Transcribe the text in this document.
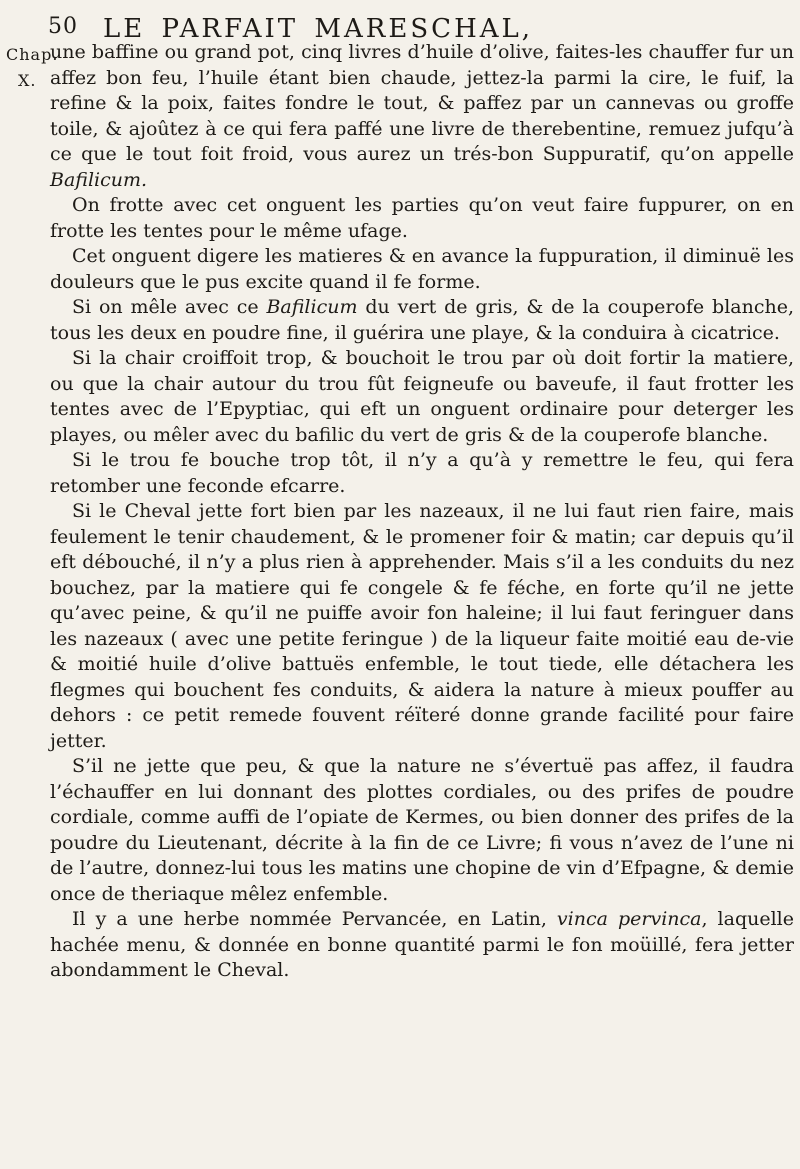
50 LE PARFAIT MARESCHAL,
Chap.
X.

une baffine ou grand pot, cinq livres d’huile d’olive, faites-les chauffer fur un affez bon feu, l’huile étant bien chaude, jettez-la parmi la cire, le fuif, la refine & la poix, faites fondre le tout, & paffez par un cannevas ou groffe toile, & ajoûtez à ce qui fera paffé une livre de therebentine, remuez jufqu’à ce que le tout foit froid, vous aurez un trés-bon Suppuratif, qu’on appelle Bafilicum.

On frotte avec cet onguent les parties qu’on veut faire fuppurer, on en frotte les tentes pour le même ufage.

Cet onguent digere les matieres & en avance la fuppuration, il diminuë les douleurs que le pus excite quand il fe forme.

Si on mêle avec ce Bafilicum du vert de gris, & de la couperofe blanche, tous les deux en poudre fine, il guérira une playe, & la conduira à cicatrice.

Si la chair croiffoit trop, & bouchoit le trou par où doit fortir la matiere, ou que la chair autour du trou fût feigneufe ou baveufe, il faut frotter les tentes avec de l’Epyptiac, qui eft un onguent ordinaire pour deterger les playes, ou mêler avec du bafilic du vert de gris & de la couperofe blanche.

Si le trou fe bouche trop tôt, il n’y a qu’à y remettre le feu, qui fera retomber une feconde efcarre.

Si le Cheval jette fort bien par les nazeaux, il ne lui faut rien faire, mais feulement le tenir chaudement, & le promener foir & matin; car depuis qu’il eft débouché, il n’y a plus rien à apprehender. Mais s’il a les conduits du nez bouchez, par la matiere qui fe congele & fe féche, en forte qu’il ne jette qu’avec peine, & qu’il ne puiffe avoir fon haleine; il lui faut feringuer dans les nazeaux ( avec une petite feringue ) de la liqueur faite moitié eau de-vie & moitié huile d’olive battuës enfemble, le tout tiede, elle détachera les flegmes qui bouchent fes conduits, & aidera la nature à mieux pouffer au dehors : ce petit remede fouvent réïteré donne grande facilité pour faire jetter.

S’il ne jette que peu, & que la nature ne s’évertuë pas affez, il faudra l’échauffer en lui donnant des plottes cordiales, ou des prifes de poudre cordiale, comme auffi de l’opiate de Kermes, ou bien donner des prifes de la poudre du Lieutenant, décrite à la fin de ce Livre; fi vous n’avez de l’une ni de l’autre, donnez-lui tous les matins une chopine de vin d’Efpagne, & demie once de theriaque mêlez enfemble.

Il y a une herbe nommée Pervancée, en Latin, vinca pervinca, laquelle hachée menu, & donnée en bonne quantité parmi le fon moüillé, fera jetter abondamment le Cheval.
